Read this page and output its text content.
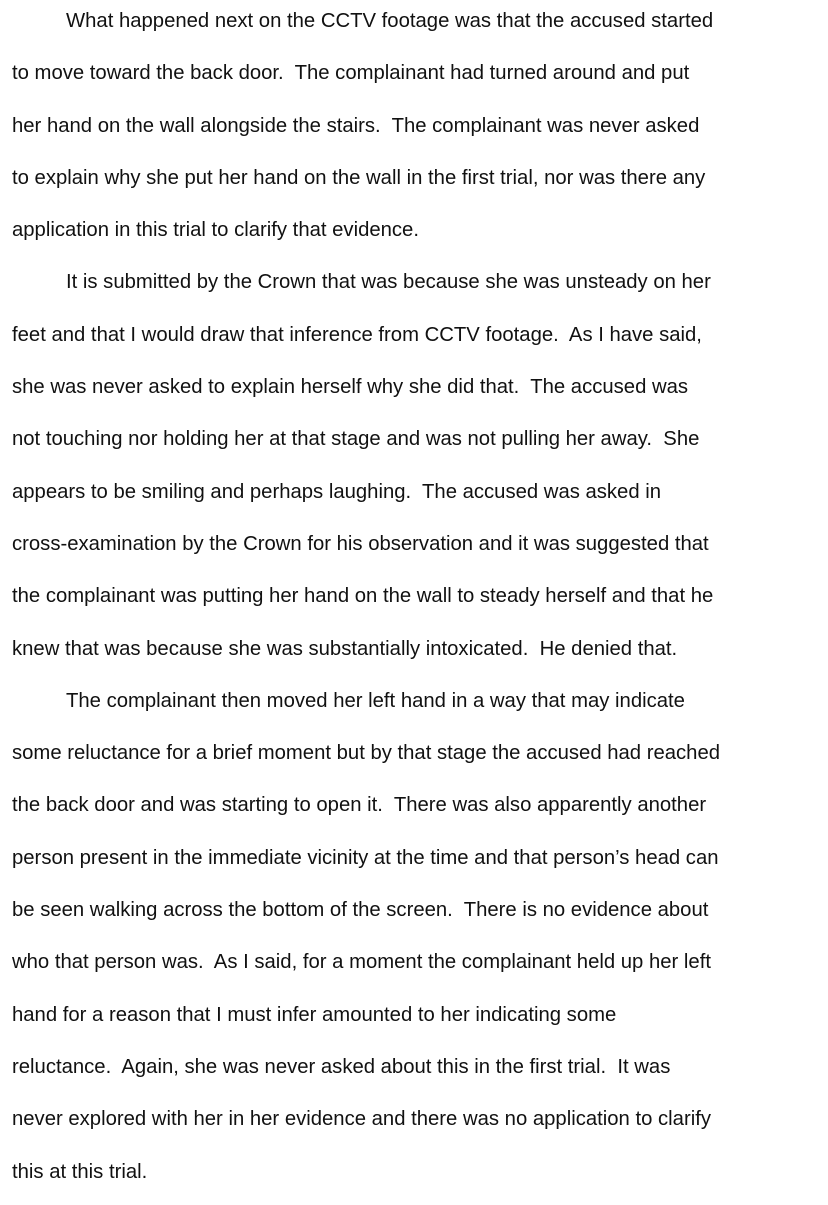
What happened next on the CCTV footage was that the accused started
to move toward the back door.  The complainant had turned around and put
her hand on the wall alongside the stairs.  The complainant was never asked
to explain why she put her hand on the wall in the first trial, nor was there any
application in this trial to clarify that evidence.
It is submitted by the Crown that was because she was unsteady on her
feet and that I would draw that inference from CCTV footage.  As I have said,
she was never asked to explain herself why she did that.  The accused was
not touching nor holding her at that stage and was not pulling her away.  She
appears to be smiling and perhaps laughing.  The accused was asked in
cross-examination by the Crown for his observation and it was suggested that
the complainant was putting her hand on the wall to steady herself and that he
knew that was because she was substantially intoxicated.  He denied that.
The complainant then moved her left hand in a way that may indicate
some reluctance for a brief moment but by that stage the accused had reached
the back door and was starting to open it.  There was also apparently another
person present in the immediate vicinity at the time and that person’s head can
be seen walking across the bottom of the screen.  There is no evidence about
who that person was.  As I said, for a moment the complainant held up her left
hand for a reason that I must infer amounted to her indicating some
reluctance.  Again, she was never asked about this in the first trial.  It was
never explored with her in her evidence and there was no application to clarify
this at this trial.
